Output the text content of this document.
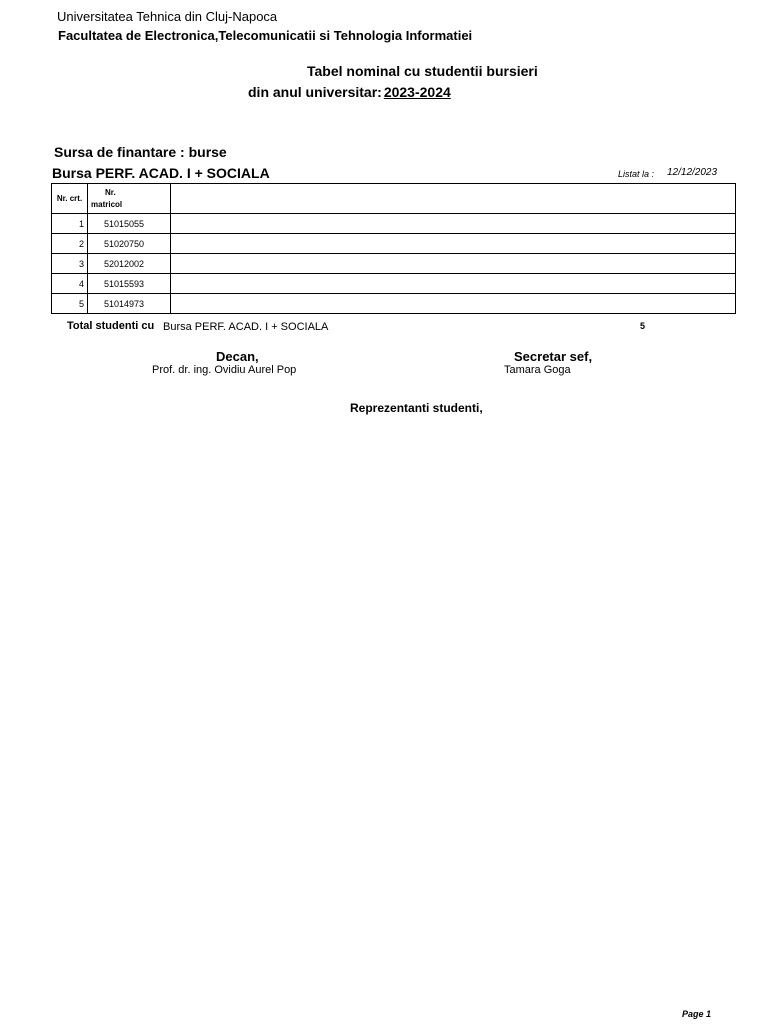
Universitatea Tehnica din Cluj-Napoca
Facultatea de Electronica,Telecomunicatii si Tehnologia Informatiei
Tabel nominal cu studentii bursieri
din anul universitar: 2023-2024
Sursa de finantare : burse
Bursa PERF. ACAD. I + SOCIALA	Listat la : 12/12/2023
Nr. crt.	Nr.
matricol	

1	51015055	
2	51020750	
3	52012002	
4	51015593	
5	51014973	
Total studenti cu Bursa PERF. ACAD. I + SOCIALA	5
Decan,
Prof. dr. ing. Ovidiu Aurel Pop
Secretar sef,
Tamara Goga
Reprezentanti studenti,
Page 1
